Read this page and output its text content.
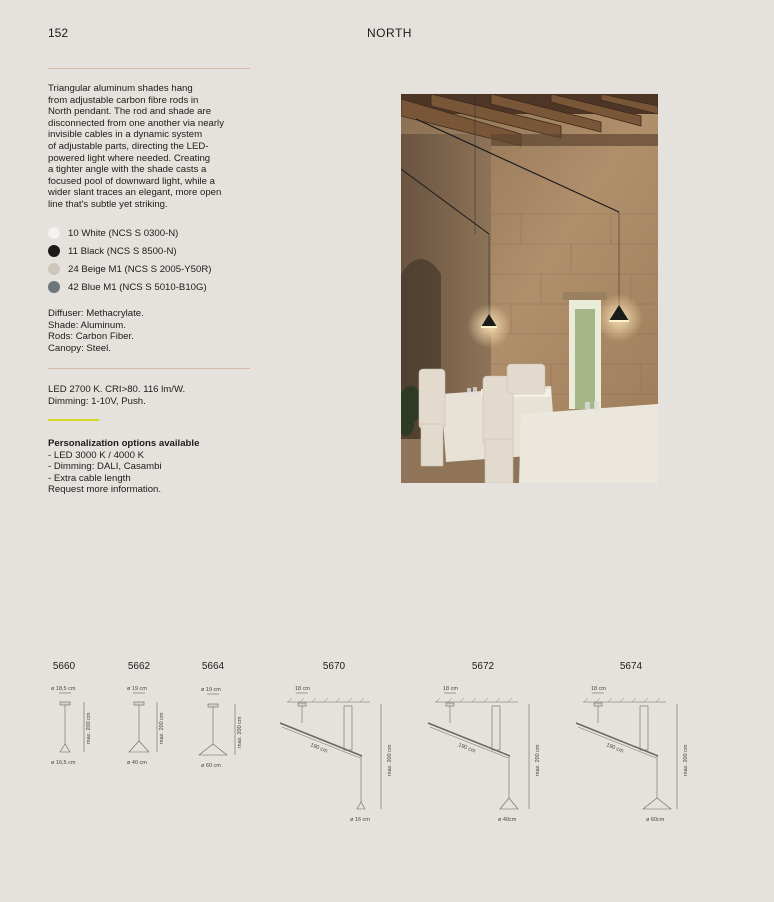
152	NORTH
Triangular aluminum shades hang
from adjustable carbon fibre rods in
North pendant. The rod and shade are
disconnected from one another via nearly
invisible cables in a dynamic system
of adjustable parts, directing the LED-
powered light where needed. Creating
a tighter angle with the shade casts a
focused pool of downward light, while a
wider slant traces an elegant, more open
line that's subtle yet striking.
10 White (NCS S 0300-N)
11 Black (NCS S 8500-N)
24 Beige M1 (NCS S 2005-Y50R)
42 Blue M1 (NCS S 5010-B10G)
Diffuser: Methacrylate.
Shade: Aluminum.
Rods: Carbon Fiber.
Canopy: Steel.
LED 2700 K. CRI>80. 116 lm/W.
Dimming: 1-10V, Push.
Personalization options available
- LED 3000 K / 4000 K
- Dimming: DALI, Casambi
- Extra cable length
Request more information.
5660	5662	5664	5670	5672	5674
ø 18,5 cm
ø 16,5 cm
max. 200 cm
ø 19 cm
ø 40 cm
max. 200 cm
ø 19 cm
ø 60 cm
max. 200 cm
18 cm
190 cm
ø 16 cm
max. 200 cm
18 cm
190 cm
ø 40cm
max. 200 cm
18 cm
190 cm
ø 60cm
max. 200 cm
